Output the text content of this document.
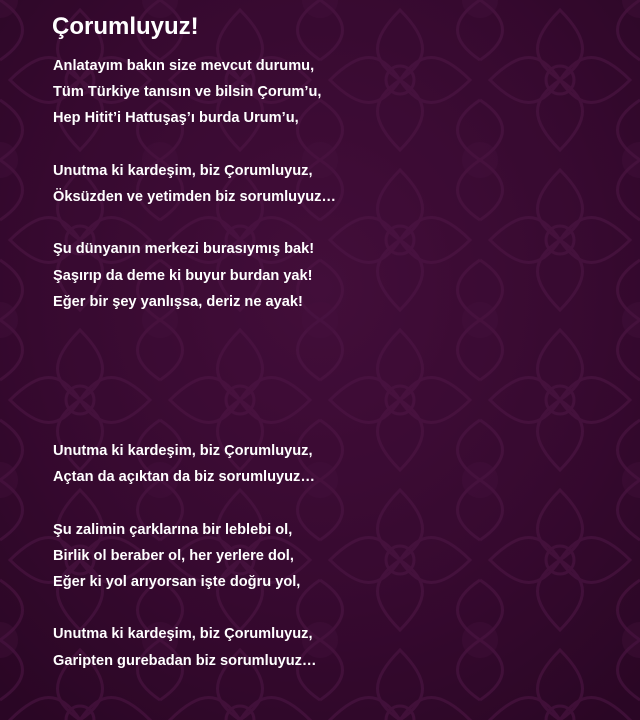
Çorumluyuz!
Anlatayım bakın size mevcut durumu,
Tüm Türkiye tanısın ve bilsin Çorum’u,
Hep Hitit’i Hattuşaş’ı burda Urum’u,
Unutma ki kardeşim, biz Çorumluyuz,
Öksüzden ve yetimden biz sorumluyuz…
Şu dünyanın merkezi burasıymış bak!
Şaşırıp da deme ki buyur burdan yak!
Eğer bir şey yanlışsa, deriz ne ayak!
Unutma ki kardeşim, biz Çorumluyuz,
Açtan da açıktan da biz sorumluyuz…
Şu zalimin çarklarına bir leblebi ol,
Birlik ol beraber ol, her yerlere dol,
Eğer ki yol arıyorsan işte doğru yol,
Unutma ki kardeşim, biz Çorumluyuz,
Garipten gurebadan biz sorumluyuz…
